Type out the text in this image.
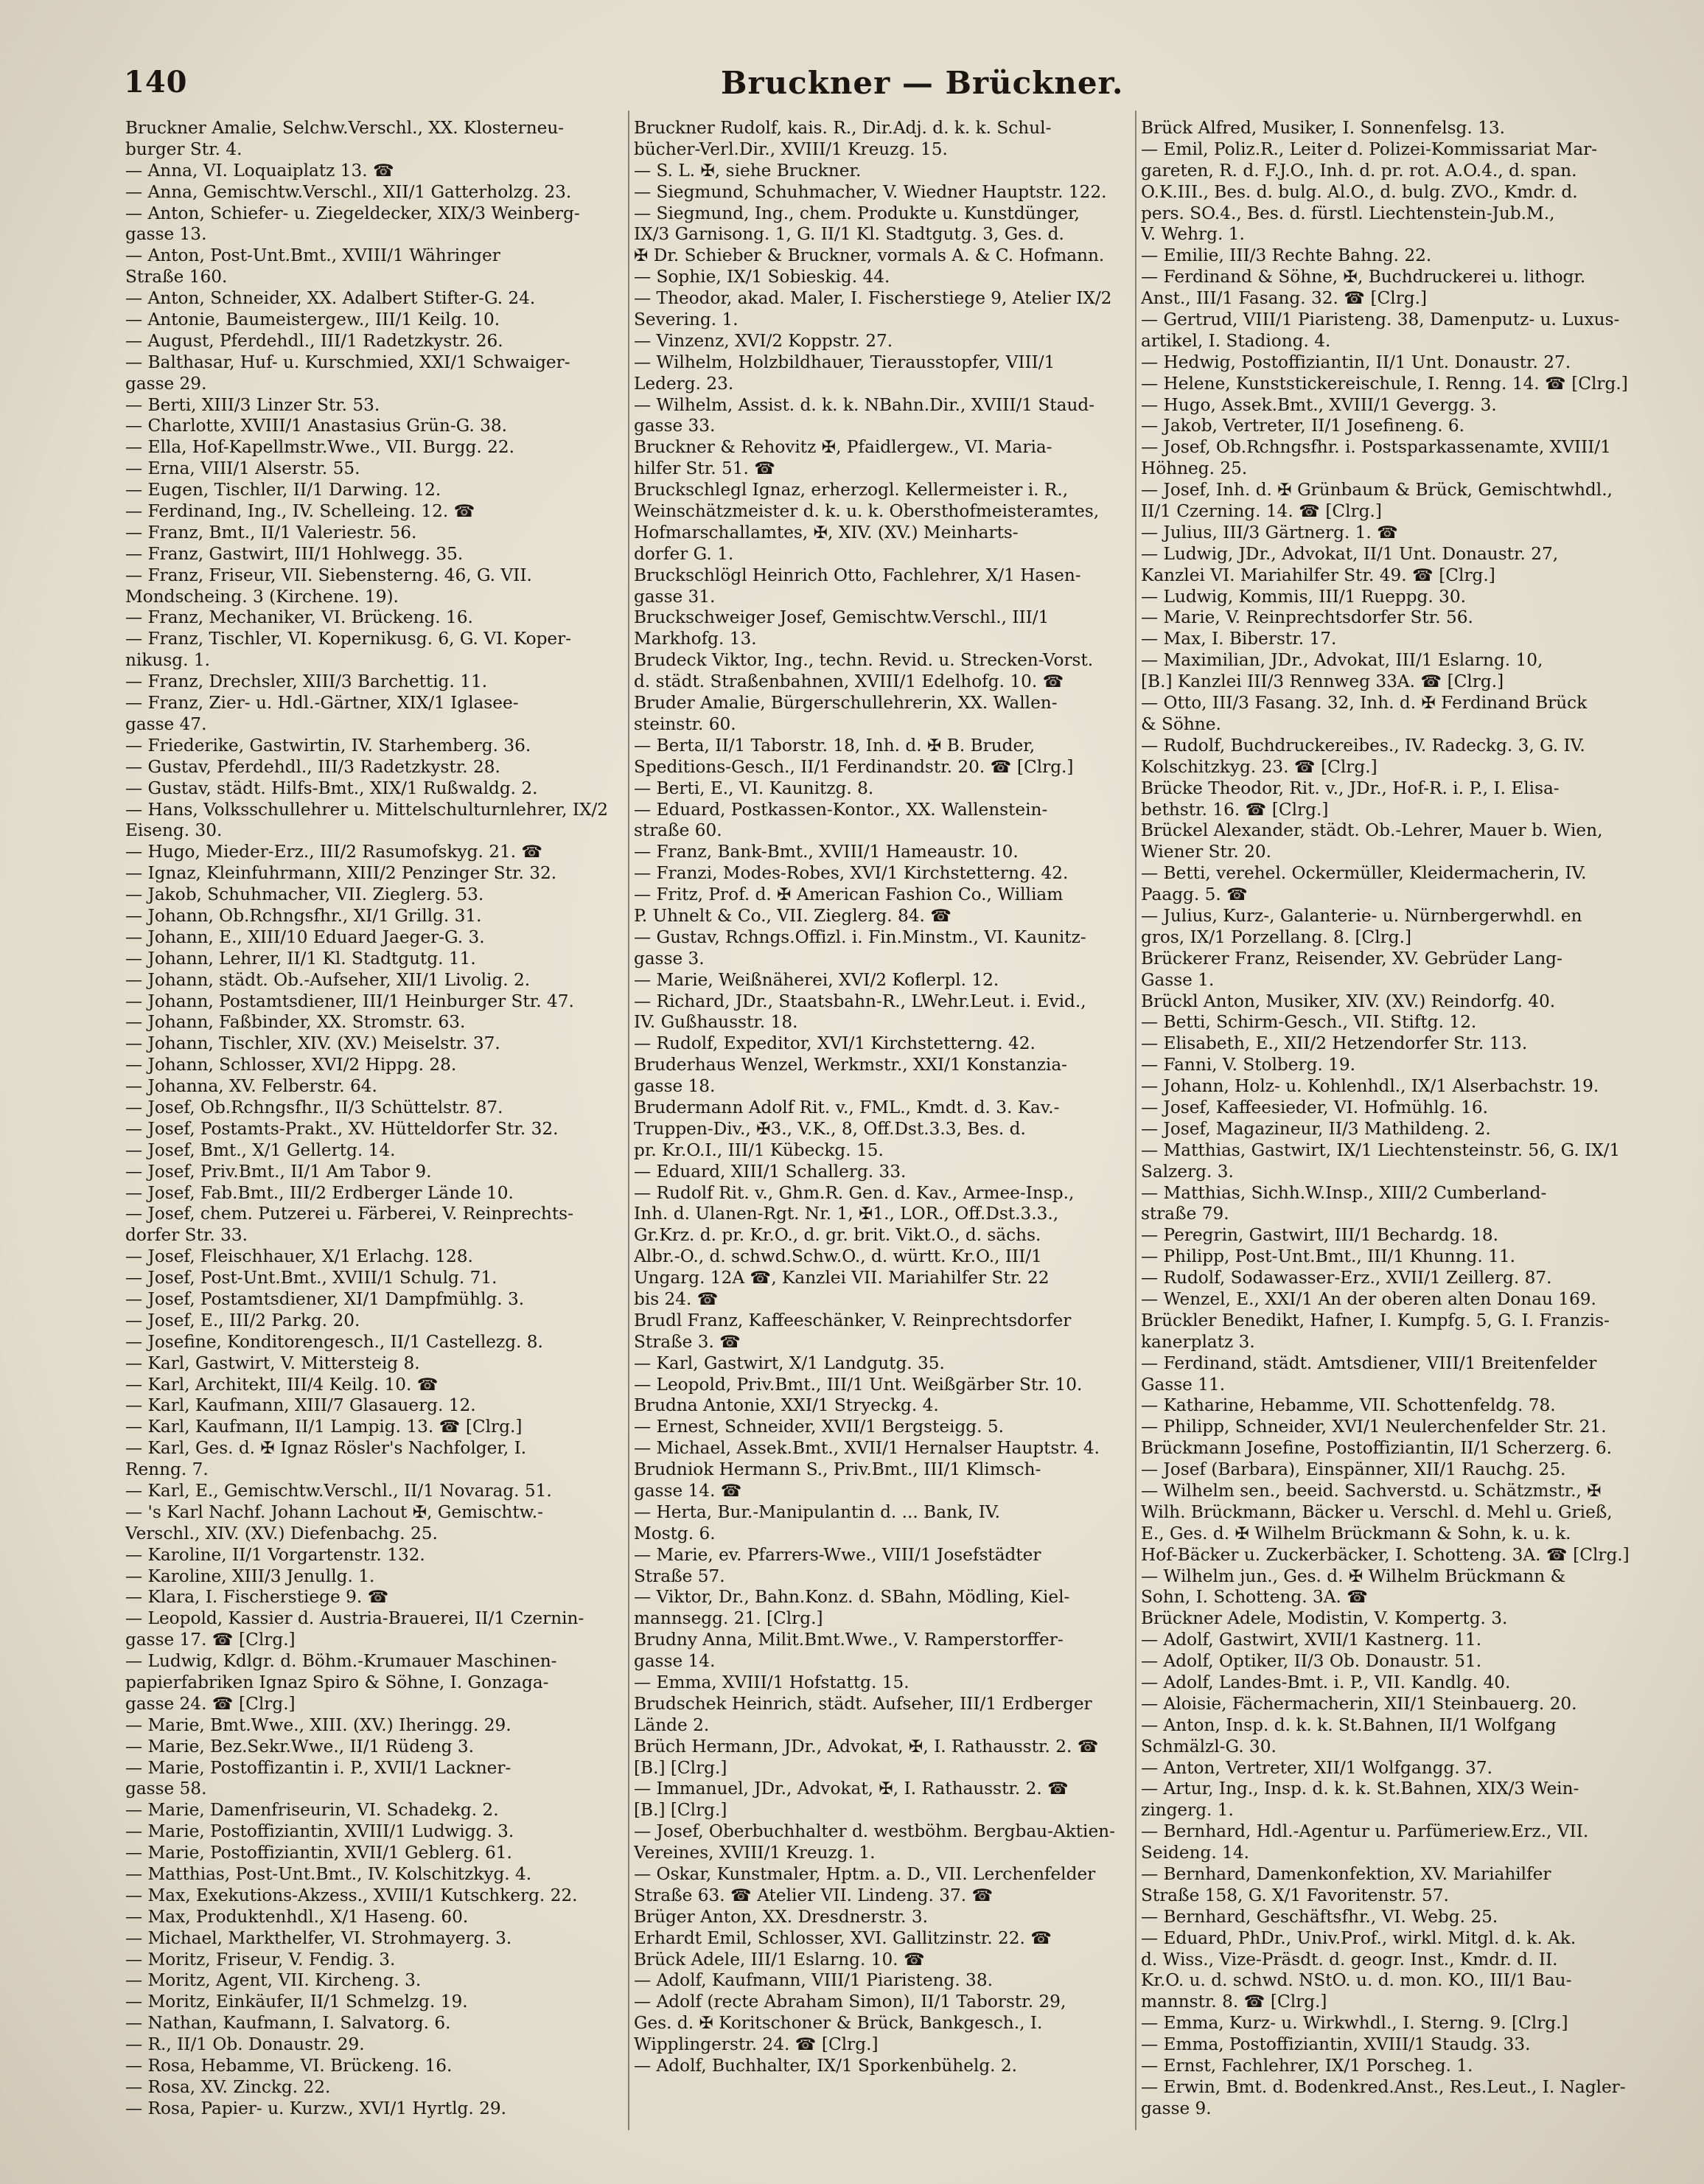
140	Bruckner — Brückner.
Bruckner Amalie, Selchw.Verschl., XX. Klosterneu-
burger Str. 4.
— Anna, VI. Loquaiplatz 13. ☎
— Anna, Gemischtw.Verschl., XII/1 Gatterholzg. 23.
— Anton, Schiefer- u. Ziegeldecker, XIX/3 Weinberg-
gasse 13.
— Anton, Post-Unt.Bmt., XVIII/1 Währinger
Straße 160.
— Anton, Schneider, XX. Adalbert Stifter-G. 24.
— Antonie, Baumeistergew., III/1 Keilg. 10.
— August, Pferdehdl., III/1 Radetzkystr. 26.
— Balthasar, Huf- u. Kurschmied, XXI/1 Schwaiger-
gasse 29.
— Berti, XIII/3 Linzer Str. 53.
— Charlotte, XVIII/1 Anastasius Grün-G. 38.
— Ella, Hof-Kapellmstr.Wwe., VII. Burgg. 22.
— Erna, VIII/1 Alserstr. 55.
— Eugen, Tischler, II/1 Darwing. 12.
— Ferdinand, Ing., IV. Schelleing. 12. ☎
— Franz, Bmt., II/1 Valeriestr. 56.
— Franz, Gastwirt, III/1 Hohlwegg. 35.
— Franz, Friseur, VII. Siebensterng. 46, G. VII.
Mondscheing. 3 (Kirchene. 19).
— Franz, Mechaniker, VI. Brückeng. 16.
— Franz, Tischler, VI. Kopernikusg. 6, G. VI. Koper-
nikusg. 1.
— Franz, Drechsler, XIII/3 Barchettig. 11.
— Franz, Zier- u. Hdl.-Gärtner, XIX/1 Iglasee-
gasse 47.
— Friederike, Gastwirtin, IV. Starhemberg. 36.
— Gustav, Pferdehdl., III/3 Radetzkystr. 28.
— Gustav, städt. Hilfs-Bmt., XIX/1 Rußwaldg. 2.
— Hans, Volksschullehrer u. Mittelschulturnlehrer, IX/2
Eiseng. 30.
— Hugo, Mieder-Erz., III/2 Rasumofskyg. 21. ☎
— Ignaz, Kleinfuhrmann, XIII/2 Penzinger Str. 32.
— Jakob, Schuhmacher, VII. Zieglerg. 53.
— Johann, Ob.Rchngsfhr., XI/1 Grillg. 31.
— Johann, E., XIII/10 Eduard Jaeger-G. 3.
— Johann, Lehrer, II/1 Kl. Stadtgutg. 11.
— Johann, städt. Ob.-Aufseher, XII/1 Livolig. 2.
— Johann, Postamtsdiener, III/1 Heinburger Str. 47.
— Johann, Faßbinder, XX. Stromstr. 63.
— Johann, Tischler, XIV. (XV.) Meiselstr. 37.
— Johann, Schlosser, XVI/2 Hippg. 28.
— Johanna, XV. Felberstr. 64.
— Josef, Ob.Rchngsfhr., II/3 Schüttelstr. 87.
— Josef, Postamts-Prakt., XV. Hütteldorfer Str. 32.
— Josef, Bmt., X/1 Gellertg. 14.
— Josef, Priv.Bmt., II/1 Am Tabor 9.
— Josef, Fab.Bmt., III/2 Erdberger Lände 10.
— Josef, chem. Putzerei u. Färberei, V. Reinprechts-
dorfer Str. 33.
— Josef, Fleischhauer, X/1 Erlachg. 128.
— Josef, Post-Unt.Bmt., XVIII/1 Schulg. 71.
— Josef, Postamtsdiener, XI/1 Dampfmühlg. 3.
— Josef, E., III/2 Parkg. 20.
— Josefine, Konditorengesch., II/1 Castellezg. 8.
— Karl, Gastwirt, V. Mittersteig 8.
— Karl, Architekt, III/4 Keilg. 10. ☎
— Karl, Kaufmann, XIII/7 Glasauerg. 12.
— Karl, Kaufmann, II/1 Lampig. 13. ☎ [Clrg.]
— Karl, Ges. d. ✠ Ignaz Rösler's Nachfolger, I.
Renng. 7.
— Karl, E., Gemischtw.Verschl., II/1 Novarag. 51.
— 's Karl Nachf. Johann Lachout ✠, Gemischtw.-
Verschl., XIV. (XV.) Diefenbachg. 25.
— Karoline, II/1 Vorgartenstr. 132.
— Karoline, XIII/3 Jenullg. 1.
— Klara, I. Fischerstiege 9. ☎
— Leopold, Kassier d. Austria-Brauerei, II/1 Czernin-
gasse 17. ☎ [Clrg.]
— Ludwig, Kdlgr. d. Böhm.-Krumauer Maschinen-
papierfabriken Ignaz Spiro & Söhne, I. Gonzaga-
gasse 24. ☎ [Clrg.]
— Marie, Bmt.Wwe., XIII. (XV.) Iheringg. 29.
— Marie, Bez.Sekr.Wwe., II/1 Rüdeng 3.
— Marie, Postoffizantin i. P., XVII/1 Lackner-
gasse 58.
— Marie, Damenfriseurin, VI. Schadekg. 2.
— Marie, Postoffiziantin, XVIII/1 Ludwigg. 3.
— Marie, Postoffiziantin, XVII/1 Geblerg. 61.
— Matthias, Post-Unt.Bmt., IV. Kolschitzkyg. 4.
— Max, Exekutions-Akzess., XVIII/1 Kutschkerg. 22.
— Max, Produktenhdl., X/1 Haseng. 60.
— Michael, Markthelfer, VI. Strohmayerg. 3.
— Moritz, Friseur, V. Fendig. 3.
— Moritz, Agent, VII. Kircheng. 3.
— Moritz, Einkäufer, II/1 Schmelzg. 19.
— Nathan, Kaufmann, I. Salvatorg. 6.
— R., II/1 Ob. Donaustr. 29.
— Rosa, Hebamme, VI. Brückeng. 16.
— Rosa, XV. Zinckg. 22.
— Rosa, Papier- u. Kurzw., XVI/1 Hyrtlg. 29.
Bruckner Rudolf, kais. R., Dir.Adj. d. k. k. Schul-
bücher-Verl.Dir., XVIII/1 Kreuzg. 15.
— S. L. ✠, siehe Bruckner.
— Siegmund, Schuhmacher, V. Wiedner Hauptstr. 122.
— Siegmund, Ing., chem. Produkte u. Kunstdünger,
IX/3 Garnisong. 1, G. II/1 Kl. Stadtgutg. 3, Ges. d.
✠ Dr. Schieber & Bruckner, vormals A. & C. Hofmann.
— Sophie, IX/1 Sobieskig. 44.
— Theodor, akad. Maler, I. Fischerstiege 9, Atelier IX/2
Severing. 1.
— Vinzenz, XVI/2 Koppstr. 27.
— Wilhelm, Holzbildhauer, Tierausstopfer, VIII/1
Lederg. 23.
— Wilhelm, Assist. d. k. k. NBahn.Dir., XVIII/1 Staud-
gasse 33.
Bruckner & Rehovitz ✠, Pfaidlergew., VI. Maria-
hilfer Str. 51. ☎
Bruckschlegl Ignaz, erherzogl. Kellermeister i. R.,
Weinschätzmeister d. k. u. k. Obersthofmeisteramtes,
Hofmarschallamtes, ✠, XIV. (XV.) Meinharts-
dorfer G. 1.
Bruckschlögl Heinrich Otto, Fachlehrer, X/1 Hasen-
gasse 31.
Bruckschweiger Josef, Gemischtw.Verschl., III/1
Markhofg. 13.
Brudeck Viktor, Ing., techn. Revid. u. Strecken-Vorst.
d. städt. Straßenbahnen, XVIII/1 Edelhofg. 10. ☎
Bruder Amalie, Bürgerschullehrerin, XX. Wallen-
steinstr. 60.
— Berta, II/1 Taborstr. 18, Inh. d. ✠ B. Bruder,
Speditions-Gesch., II/1 Ferdinandstr. 20. ☎ [Clrg.]
— Berti, E., VI. Kaunitzg. 8.
— Eduard, Postkassen-Kontor., XX. Wallenstein-
straße 60.
— Franz, Bank-Bmt., XVIII/1 Hameaustr. 10.
— Franzi, Modes-Robes, XVI/1 Kirchstetterng. 42.
— Fritz, Prof. d. ✠ American Fashion Co., William
P. Uhnelt & Co., VII. Zieglerg. 84. ☎
— Gustav, Rchngs.Offizl. i. Fin.Minstm., VI. Kaunitz-
gasse 3.
— Marie, Weißnäherei, XVI/2 Koflerpl. 12.
— Richard, JDr., Staatsbahn-R., LWehr.Leut. i. Evid.,
IV. Gußhausstr. 18.
— Rudolf, Expeditor, XVI/1 Kirchstetterng. 42.
Bruderhaus Wenzel, Werkmstr., XXI/1 Konstanzia-
gasse 18.
Brudermann Adolf Rit. v., FML., Kmdt. d. 3. Kav.-
Truppen-Div., ✠3., V.K., 8, Off.Dst.3.3, Bes. d.
pr. Kr.O.I., III/1 Kübeckg. 15.
— Eduard, XIII/1 Schallerg. 33.
— Rudolf Rit. v., Ghm.R. Gen. d. Kav., Armee-Insp.,
Inh. d. Ulanen-Rgt. Nr. 1, ✠1., LOR., Off.Dst.3.3.,
Gr.Krz. d. pr. Kr.O., d. gr. brit. Vikt.O., d. sächs.
Albr.-O., d. schwd.Schw.O., d. württ. Kr.O., III/1
Ungarg. 12A ☎, Kanzlei VII. Mariahilfer Str. 22
bis 24. ☎
Brudl Franz, Kaffeeschänker, V. Reinprechtsdorfer
Straße 3. ☎
— Karl, Gastwirt, X/1 Landgutg. 35.
— Leopold, Priv.Bmt., III/1 Unt. Weißgärber Str. 10.
Brudna Antonie, XXI/1 Stryeckg. 4.
— Ernest, Schneider, XVII/1 Bergsteigg. 5.
— Michael, Assek.Bmt., XVII/1 Hernalser Hauptstr. 4.
Brudniok Hermann S., Priv.Bmt., III/1 Klimsch-
gasse 14. ☎
— Herta, Bur.-Manipulantin d. ... Bank, IV.
Mostg. 6.
— Marie, ev. Pfarrers-Wwe., VIII/1 Josefstädter
Straße 57.
— Viktor, Dr., Bahn.Konz. d. SBahn, Mödling, Kiel-
mannsegg. 21. [Clrg.]
Brudny Anna, Milit.Bmt.Wwe., V. Ramperstorffer-
gasse 14.
— Emma, XVIII/1 Hofstattg. 15.
Brudschek Heinrich, städt. Aufseher, III/1 Erdberger
Lände 2.
Brüch Hermann, JDr., Advokat, ✠, I. Rathausstr. 2. ☎
[B.] [Clrg.]
— Immanuel, JDr., Advokat, ✠, I. Rathausstr. 2. ☎
[B.] [Clrg.]
— Josef, Oberbuchhalter d. westböhm. Bergbau-Aktien-
Vereines, XVIII/1 Kreuzg. 1.
— Oskar, Kunstmaler, Hptm. a. D., VII. Lerchenfelder
Straße 63. ☎ Atelier VII. Lindeng. 37. ☎
Brüger Anton, XX. Dresdnerstr. 3.
Erhardt Emil, Schlosser, XVI. Gallitzinstr. 22. ☎
Brück Adele, III/1 Eslarng. 10. ☎
— Adolf, Kaufmann, VIII/1 Piaristeng. 38.
— Adolf (recte Abraham Simon), II/1 Taborstr. 29,
Ges. d. ✠ Koritschoner & Brück, Bankgesch., I.
Wipplingerstr. 24. ☎ [Clrg.]
— Adolf, Buchhalter, IX/1 Sporkenbühelg. 2.
Brück Alfred, Musiker, I. Sonnenfelsg. 13.
— Emil, Poliz.R., Leiter d. Polizei-Kommissariat Mar-
gareten, R. d. F.J.O., Inh. d. pr. rot. A.O.4., d. span.
O.K.III., Bes. d. bulg. Al.O., d. bulg. ZVO., Kmdr. d.
pers. SO.4., Bes. d. fürstl. Liechtenstein-Jub.M.,
V. Wehrg. 1.
— Emilie, III/3 Rechte Bahng. 22.
— Ferdinand & Söhne, ✠, Buchdruckerei u. lithogr.
Anst., III/1 Fasang. 32. ☎ [Clrg.]
— Gertrud, VIII/1 Piaristeng. 38, Damenputz- u. Luxus-
artikel, I. Stadiong. 4.
— Hedwig, Postoffiziantin, II/1 Unt. Donaustr. 27.
— Helene, Kunststickereischule, I. Renng. 14. ☎ [Clrg.]
— Hugo, Assek.Bmt., XVIII/1 Gevergg. 3.
— Jakob, Vertreter, II/1 Josefineng. 6.
— Josef, Ob.Rchngsfhr. i. Postsparkassenamte, XVIII/1
Höhneg. 25.
— Josef, Inh. d. ✠ Grünbaum & Brück, Gemischtwhdl.,
II/1 Czerning. 14. ☎ [Clrg.]
— Julius, III/3 Gärtnerg. 1. ☎
— Ludwig, JDr., Advokat, II/1 Unt. Donaustr. 27,
Kanzlei VI. Mariahilfer Str. 49. ☎ [Clrg.]
— Ludwig, Kommis, III/1 Rueppg. 30.
— Marie, V. Reinprechtsdorfer Str. 56.
— Max, I. Biberstr. 17.
— Maximilian, JDr., Advokat, III/1 Eslarng. 10,
[B.] Kanzlei III/3 Rennweg 33A. ☎ [Clrg.]
— Otto, III/3 Fasang. 32, Inh. d. ✠ Ferdinand Brück
& Söhne.
— Rudolf, Buchdruckereibes., IV. Radeckg. 3, G. IV.
Kolschitzkyg. 23. ☎ [Clrg.]
Brücke Theodor, Rit. v., JDr., Hof-R. i. P., I. Elisa-
bethstr. 16. ☎ [Clrg.]
Brückel Alexander, städt. Ob.-Lehrer, Mauer b. Wien,
Wiener Str. 20.
— Betti, verehel. Ockermüller, Kleidermacherin, IV.
Paagg. 5. ☎
— Julius, Kurz-, Galanterie- u. Nürnbergerwhdl. en
gros, IX/1 Porzellang. 8. [Clrg.]
Brückerer Franz, Reisender, XV. Gebrüder Lang-
Gasse 1.
Brückl Anton, Musiker, XIV. (XV.) Reindorfg. 40.
— Betti, Schirm-Gesch., VII. Stiftg. 12.
— Elisabeth, E., XII/2 Hetzendorfer Str. 113.
— Fanni, V. Stolberg. 19.
— Johann, Holz- u. Kohlenhdl., IX/1 Alserbachstr. 19.
— Josef, Kaffeesieder, VI. Hofmühlg. 16.
— Josef, Magazineur, II/3 Mathildeng. 2.
— Matthias, Gastwirt, IX/1 Liechtensteinstr. 56, G. IX/1
Salzerg. 3.
— Matthias, Sichh.W.Insp., XIII/2 Cumberland-
straße 79.
— Peregrin, Gastwirt, III/1 Bechardg. 18.
— Philipp, Post-Unt.Bmt., III/1 Khunng. 11.
— Rudolf, Sodawasser-Erz., XVII/1 Zeillerg. 87.
— Wenzel, E., XXI/1 An der oberen alten Donau 169.
Brückler Benedikt, Hafner, I. Kumpfg. 5, G. I. Franzis-
kanerplatz 3.
— Ferdinand, städt. Amtsdiener, VIII/1 Breitenfelder
Gasse 11.
— Katharine, Hebamme, VII. Schottenfeldg. 78.
— Philipp, Schneider, XVI/1 Neulerchenfelder Str. 21.
Brückmann Josefine, Postoffiziantin, II/1 Scherzerg. 6.
— Josef (Barbara), Einspänner, XII/1 Rauchg. 25.
— Wilhelm sen., beeid. Sachverstd. u. Schätzmstr., ✠
Wilh. Brückmann, Bäcker u. Verschl. d. Mehl u. Grieß,
E., Ges. d. ✠ Wilhelm Brückmann & Sohn, k. u. k.
Hof-Bäcker u. Zuckerbäcker, I. Schotteng. 3A. ☎ [Clrg.]
— Wilhelm jun., Ges. d. ✠ Wilhelm Brückmann &
Sohn, I. Schotteng. 3A. ☎
Brückner Adele, Modistin, V. Kompertg. 3.
— Adolf, Gastwirt, XVII/1 Kastnerg. 11.
— Adolf, Optiker, II/3 Ob. Donaustr. 51.
— Adolf, Landes-Bmt. i. P., VII. Kandlg. 40.
— Aloisie, Fächermacherin, XII/1 Steinbauerg. 20.
— Anton, Insp. d. k. k. St.Bahnen, II/1 Wolfgang
Schmälzl-G. 30.
— Anton, Vertreter, XII/1 Wolfgangg. 37.
— Artur, Ing., Insp. d. k. k. St.Bahnen, XIX/3 Wein-
zingerg. 1.
— Bernhard, Hdl.-Agentur u. Parfümeriew.Erz., VII.
Seideng. 14.
— Bernhard, Damenkonfektion, XV. Mariahilfer
Straße 158, G. X/1 Favoritenstr. 57.
— Bernhard, Geschäftsfhr., VI. Webg. 25.
— Eduard, PhDr., Univ.Prof., wirkl. Mitgl. d. k. Ak.
d. Wiss., Vize-Präsdt. d. geogr. Inst., Kmdr. d. II.
Kr.O. u. d. schwd. NStO. u. d. mon. KO., III/1 Bau-
mannstr. 8. ☎ [Clrg.]
— Emma, Kurz- u. Wirkwhdl., I. Sterng. 9. [Clrg.]
— Emma, Postoffiziantin, XVIII/1 Staudg. 33.
— Ernst, Fachlehrer, IX/1 Porscheg. 1.
— Erwin, Bmt. d. Bodenkred.Anst., Res.Leut., I. Nagler-
gasse 9.
